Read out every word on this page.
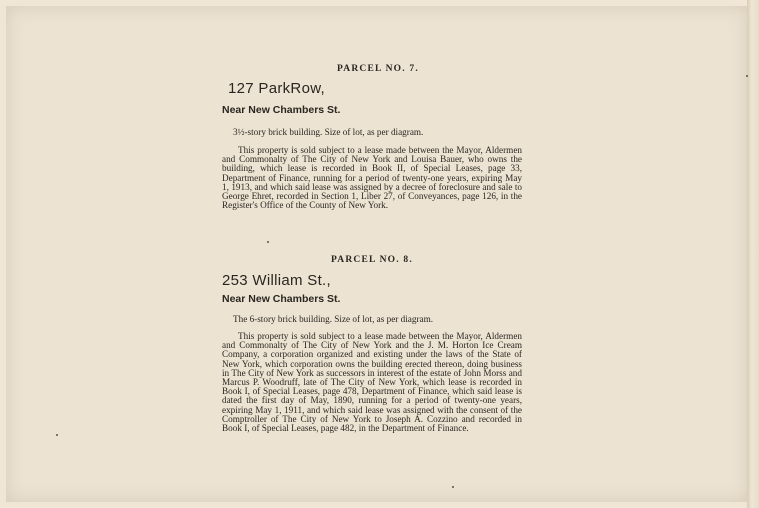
PARCEL NO. 7.

127 ParkRow,

Near New Chambers St.

3½-story brick building. Size of lot, as per diagram.

This property is sold subject to a lease made between the Mayor, Aldermen and Commonalty of The City of New York and Louisa Bauer, who owns the building, which lease is recorded in Book II, of Special Leases, page 33, Department of Finance, running for a period of twenty-one years, expiring May 1, 1913, and which said lease was assigned by a decree of foreclosure and sale to George Ehret, recorded in Section 1, Liber 27, of Conveyances, page 126, in the Register's Office of the County of New York.

PARCEL NO. 8.

253 William St.,

Near New Chambers St.

The 6-story brick building. Size of lot, as per diagram.

This property is sold subject to a lease made between the Mayor, Aldermen and Commonalty of The City of New York and the J. M. Horton Ice Cream Company, a corporation organized and existing under the laws of the State of New York, which corporation owns the building erected thereon, doing business in The City of New York as successors in interest of the estate of John Morss and Marcus P. Woodruff, late of The City of New York, which lease is recorded in Book I, of Special Leases, page 478, Department of Finance, which said lease is dated the first day of May, 1890, running for a period of twenty-one years, expiring May 1, 1911, and which said lease was assigned with the consent of the Comptroller of The City of New York to Joseph A. Cozzino and recorded in Book I, of Special Leases, page 482, in the Department of Finance.
